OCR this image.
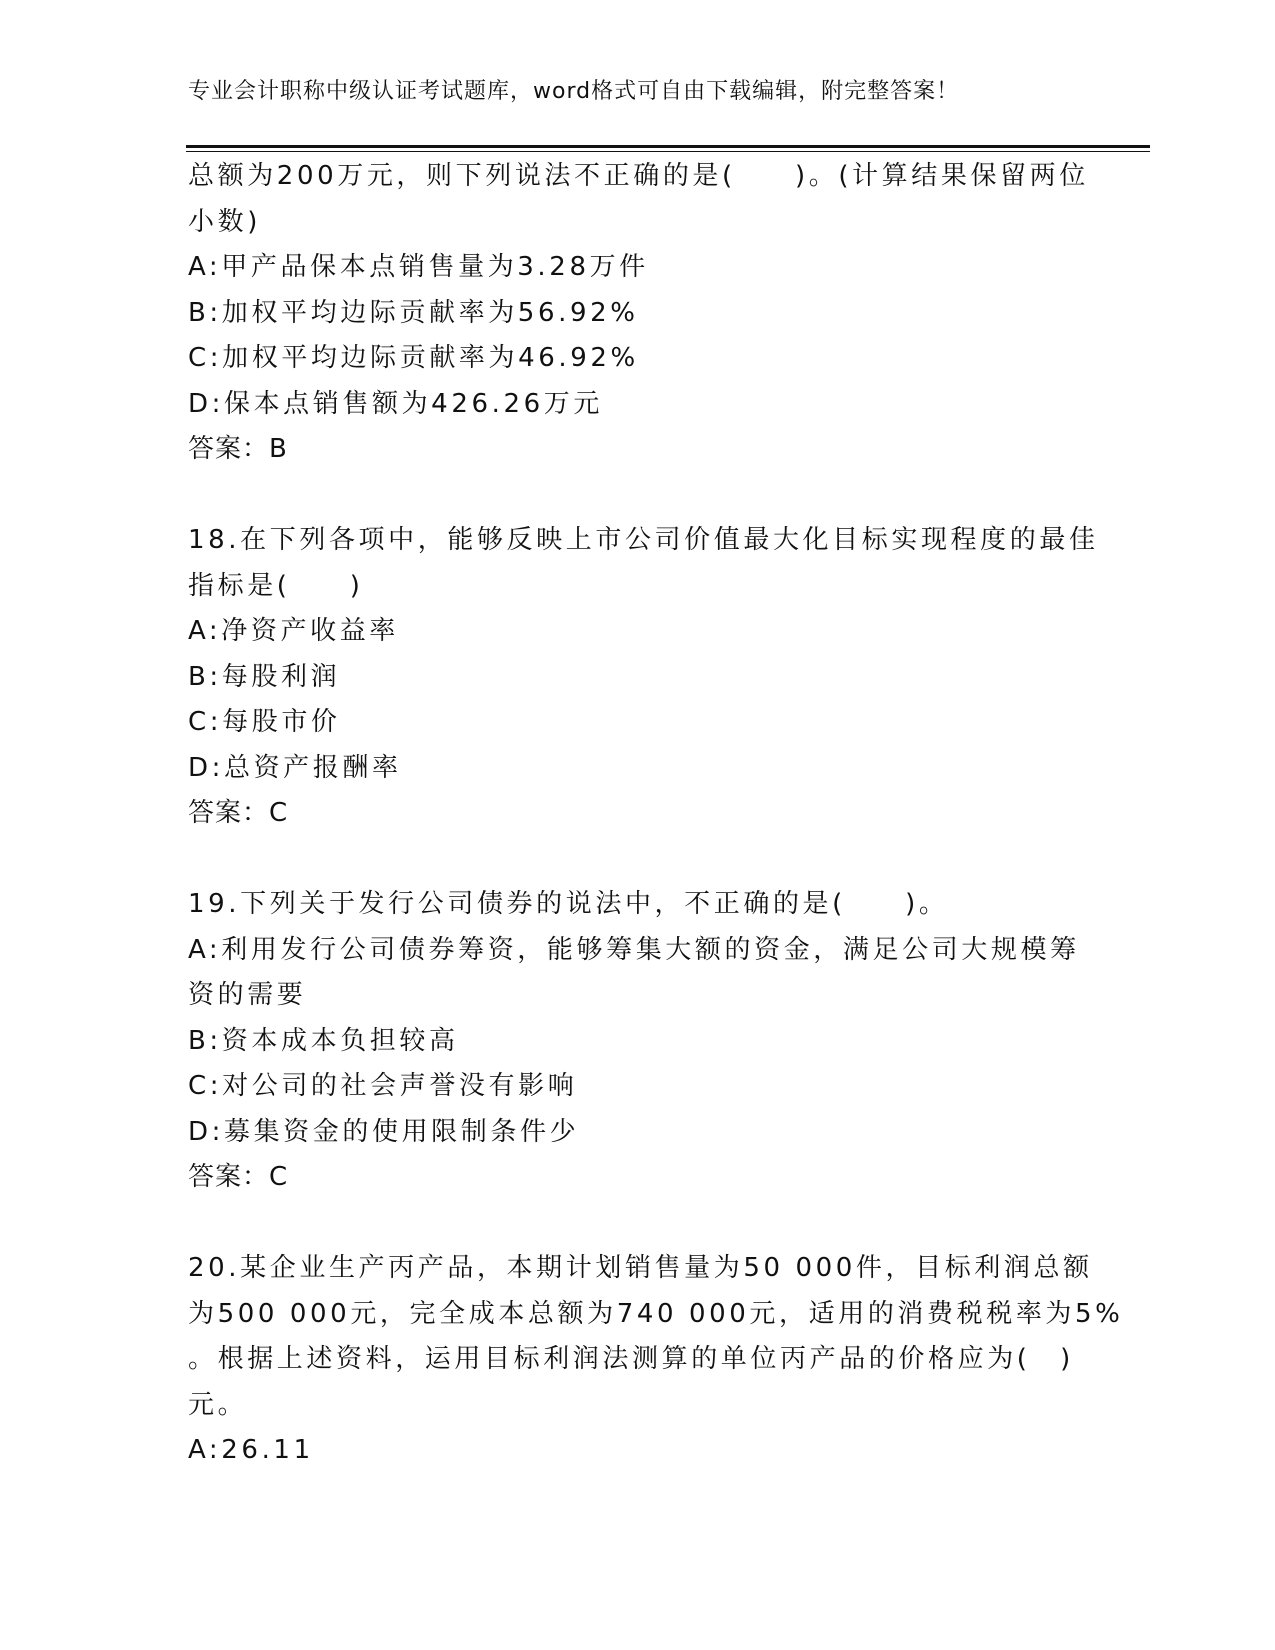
专业会计职称中级认证考试题库，word格式可自由下载编辑，附完整答案！
总额为200万元，则下列说法不正确的是(　　)。(计算结果保留两位
小数)
A:甲产品保本点销售量为3.28万件
B:加权平均边际贡献率为56.92%
C:加权平均边际贡献率为46.92%
D:保本点销售额为426.26万元
答案：B
18.在下列各项中，能够反映上市公司价值最大化目标实现程度的最佳
指标是(　　)
A:净资产收益率
B:每股利润
C:每股市价
D:总资产报酬率
答案：C
19.下列关于发行公司债券的说法中，不正确的是(　　)。
A:利用发行公司债券筹资，能够筹集大额的资金，满足公司大规模筹
资的需要
B:资本成本负担较高
C:对公司的社会声誉没有影响
D:募集资金的使用限制条件少
答案：C
20.某企业生产丙产品，本期计划销售量为50 000件，目标利润总额
为500 000元，完全成本总额为740 000元，适用的消费税税率为5%
。根据上述资料，运用目标利润法测算的单位丙产品的价格应为(　)
元。
A:26.11
